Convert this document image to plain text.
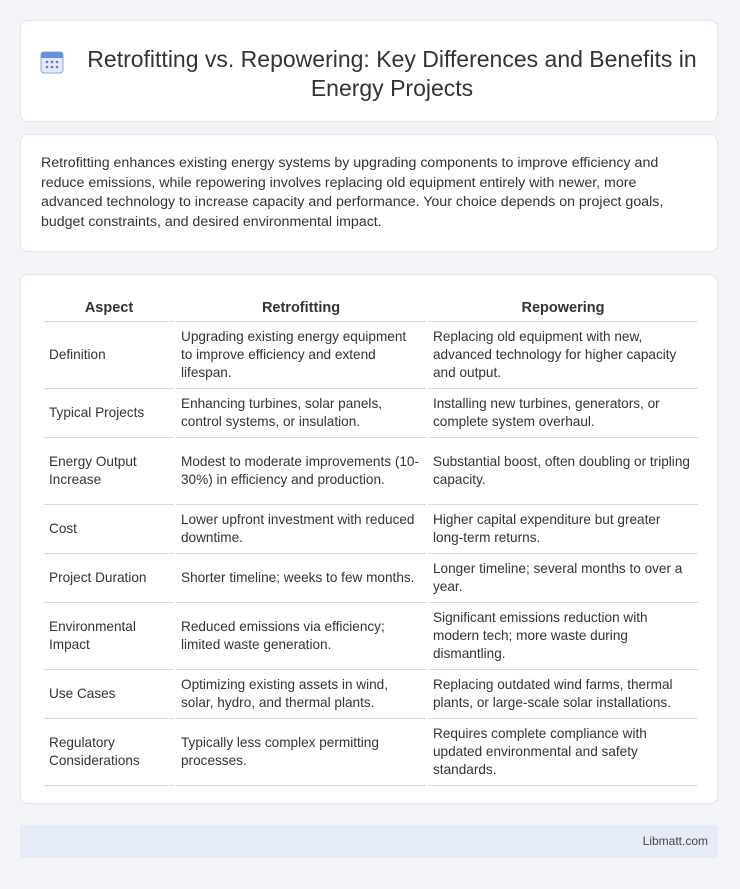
Retrofitting vs. Repowering: Key Differences and Benefits in Energy Projects

Retrofitting enhances existing energy systems by upgrading components to improve efficiency and reduce emissions, while repowering involves replacing old equipment entirely with newer, more advanced technology to increase capacity and performance. Your choice depends on project goals, budget constraints, and desired environmental impact.

Aspect	Retrofitting	Repowering
Definition	Upgrading existing energy equipment to improve efficiency and extend lifespan.	Replacing old equipment with new, advanced technology for higher capacity and output.
Typical Projects	Enhancing turbines, solar panels, control systems, or insulation.	Installing new turbines, generators, or complete system overhaul.
Energy Output Increase	Modest to moderate improvements (10-30%) in efficiency and production.	Substantial boost, often doubling or tripling capacity.
Cost	Lower upfront investment with reduced downtime.	Higher capital expenditure but greater long-term returns.
Project Duration	Shorter timeline; weeks to few months.	Longer timeline; several months to over a year.
Environmental Impact	Reduced emissions via efficiency; limited waste generation.	Significant emissions reduction with modern tech; more waste during dismantling.
Use Cases	Optimizing existing assets in wind, solar, hydro, and thermal plants.	Replacing outdated wind farms, thermal plants, or large-scale solar installations.
Regulatory Considerations	Typically less complex permitting processes.	Requires complete compliance with updated environmental and safety standards.
Libmatt.com
